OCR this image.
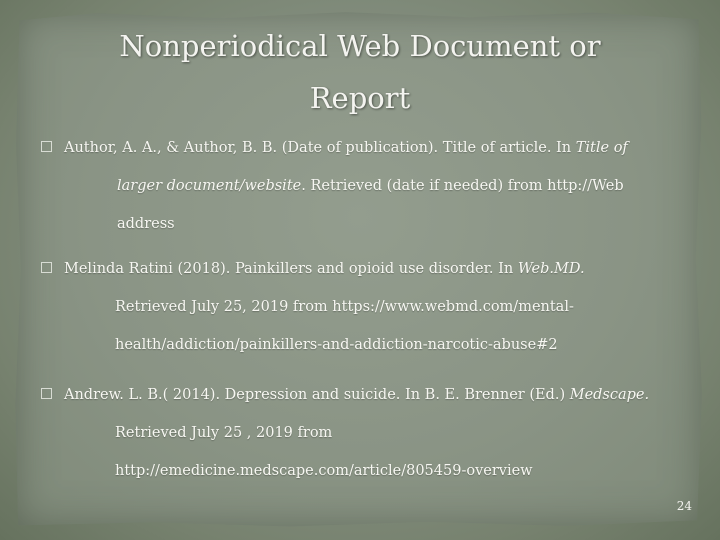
Nonperiodical Web Document or
Report
Author, A. A., & Author, B. B. (Date of publication). Title of article. In Title of
larger document/website. Retrieved (date if needed) from http://Web
address
Melinda Ratini (2018). Painkillers and opioid use disorder. In Web.MD.
Retrieved July 25, 2019 from https://www.webmd.com/mental-
health/addiction/painkillers-and-addiction-narcotic-abuse#2
Andrew. L. B.( 2014). Depression and suicide. In B. E. Brenner (Ed.) Medscape.
Retrieved July 25 , 2019 from
http://emedicine.medscape.com/article/805459-overview
24
